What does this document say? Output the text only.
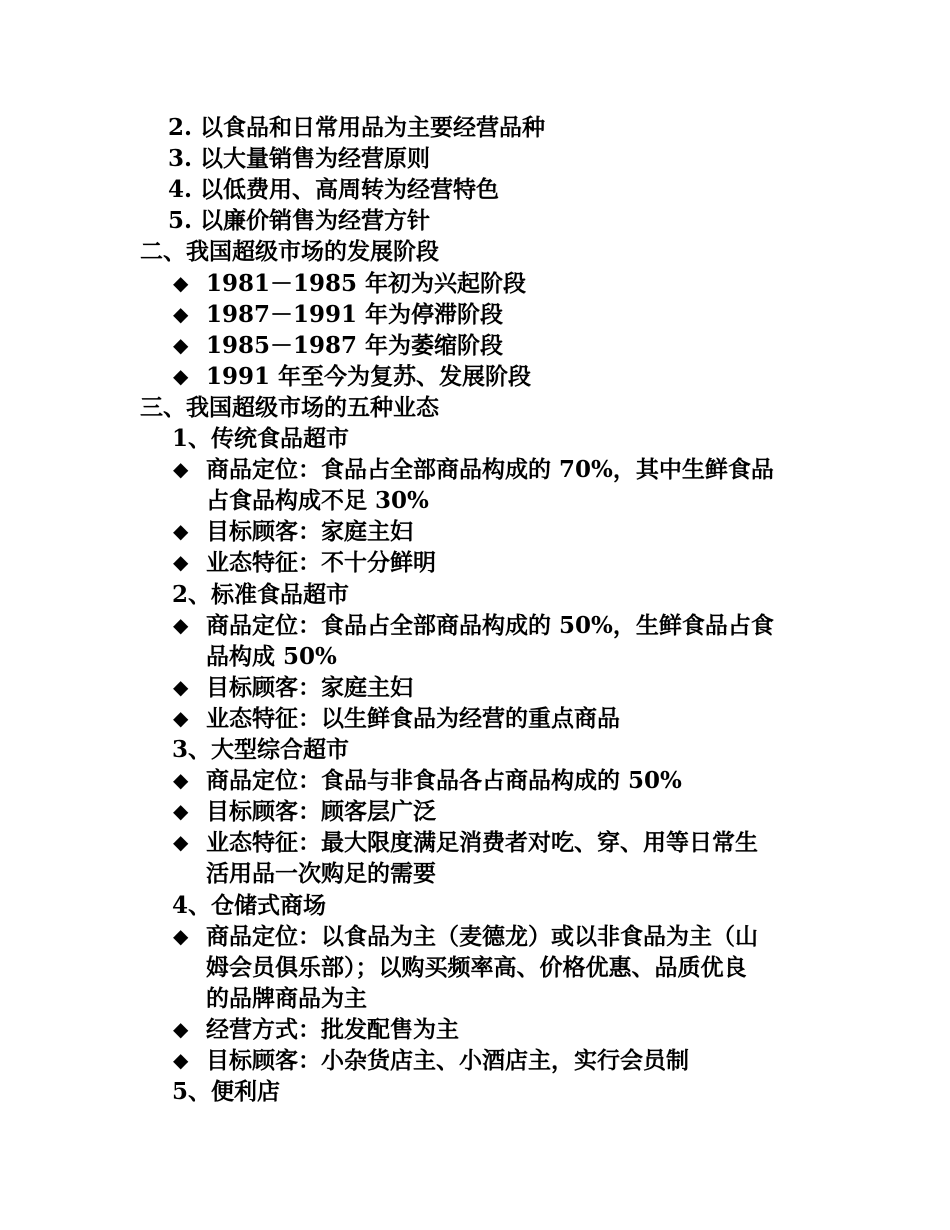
2. 以食品和日常用品为主要经营品种
3. 以大量销售为经营原则
4. 以低费用、高周转为经营特色
5. 以廉价销售为经营方针
二、我国超级市场的发展阶段
◆ 1981－1985 年初为兴起阶段
◆ 1987－1991 年为停滞阶段
◆ 1985－1987 年为萎缩阶段
◆ 1991 年至今为复苏、发展阶段
三、我国超级市场的五种业态
1、传统食品超市
◆ 商品定位：食品占全部商品构成的 70%，其中生鲜食品
占食品构成不足 30%
◆ 目标顾客：家庭主妇
◆ 业态特征：不十分鲜明
2、标准食品超市
◆ 商品定位：食品占全部商品构成的 50%，生鲜食品占食
品构成 50%
◆ 目标顾客：家庭主妇
◆ 业态特征：以生鲜食品为经营的重点商品
3、大型综合超市
◆ 商品定位：食品与非食品各占商品构成的 50%
◆ 目标顾客：顾客层广泛
◆ 业态特征：最大限度满足消费者对吃、穿、用等日常生
活用品一次购足的需要
4、仓储式商场
◆ 商品定位：以食品为主（麦德龙）或以非食品为主（山
姆会员俱乐部）；以购买频率高、价格优惠、品质优良
的品牌商品为主
◆ 经营方式：批发配售为主
◆ 目标顾客：小杂货店主、小酒店主，实行会员制
5、便利店
